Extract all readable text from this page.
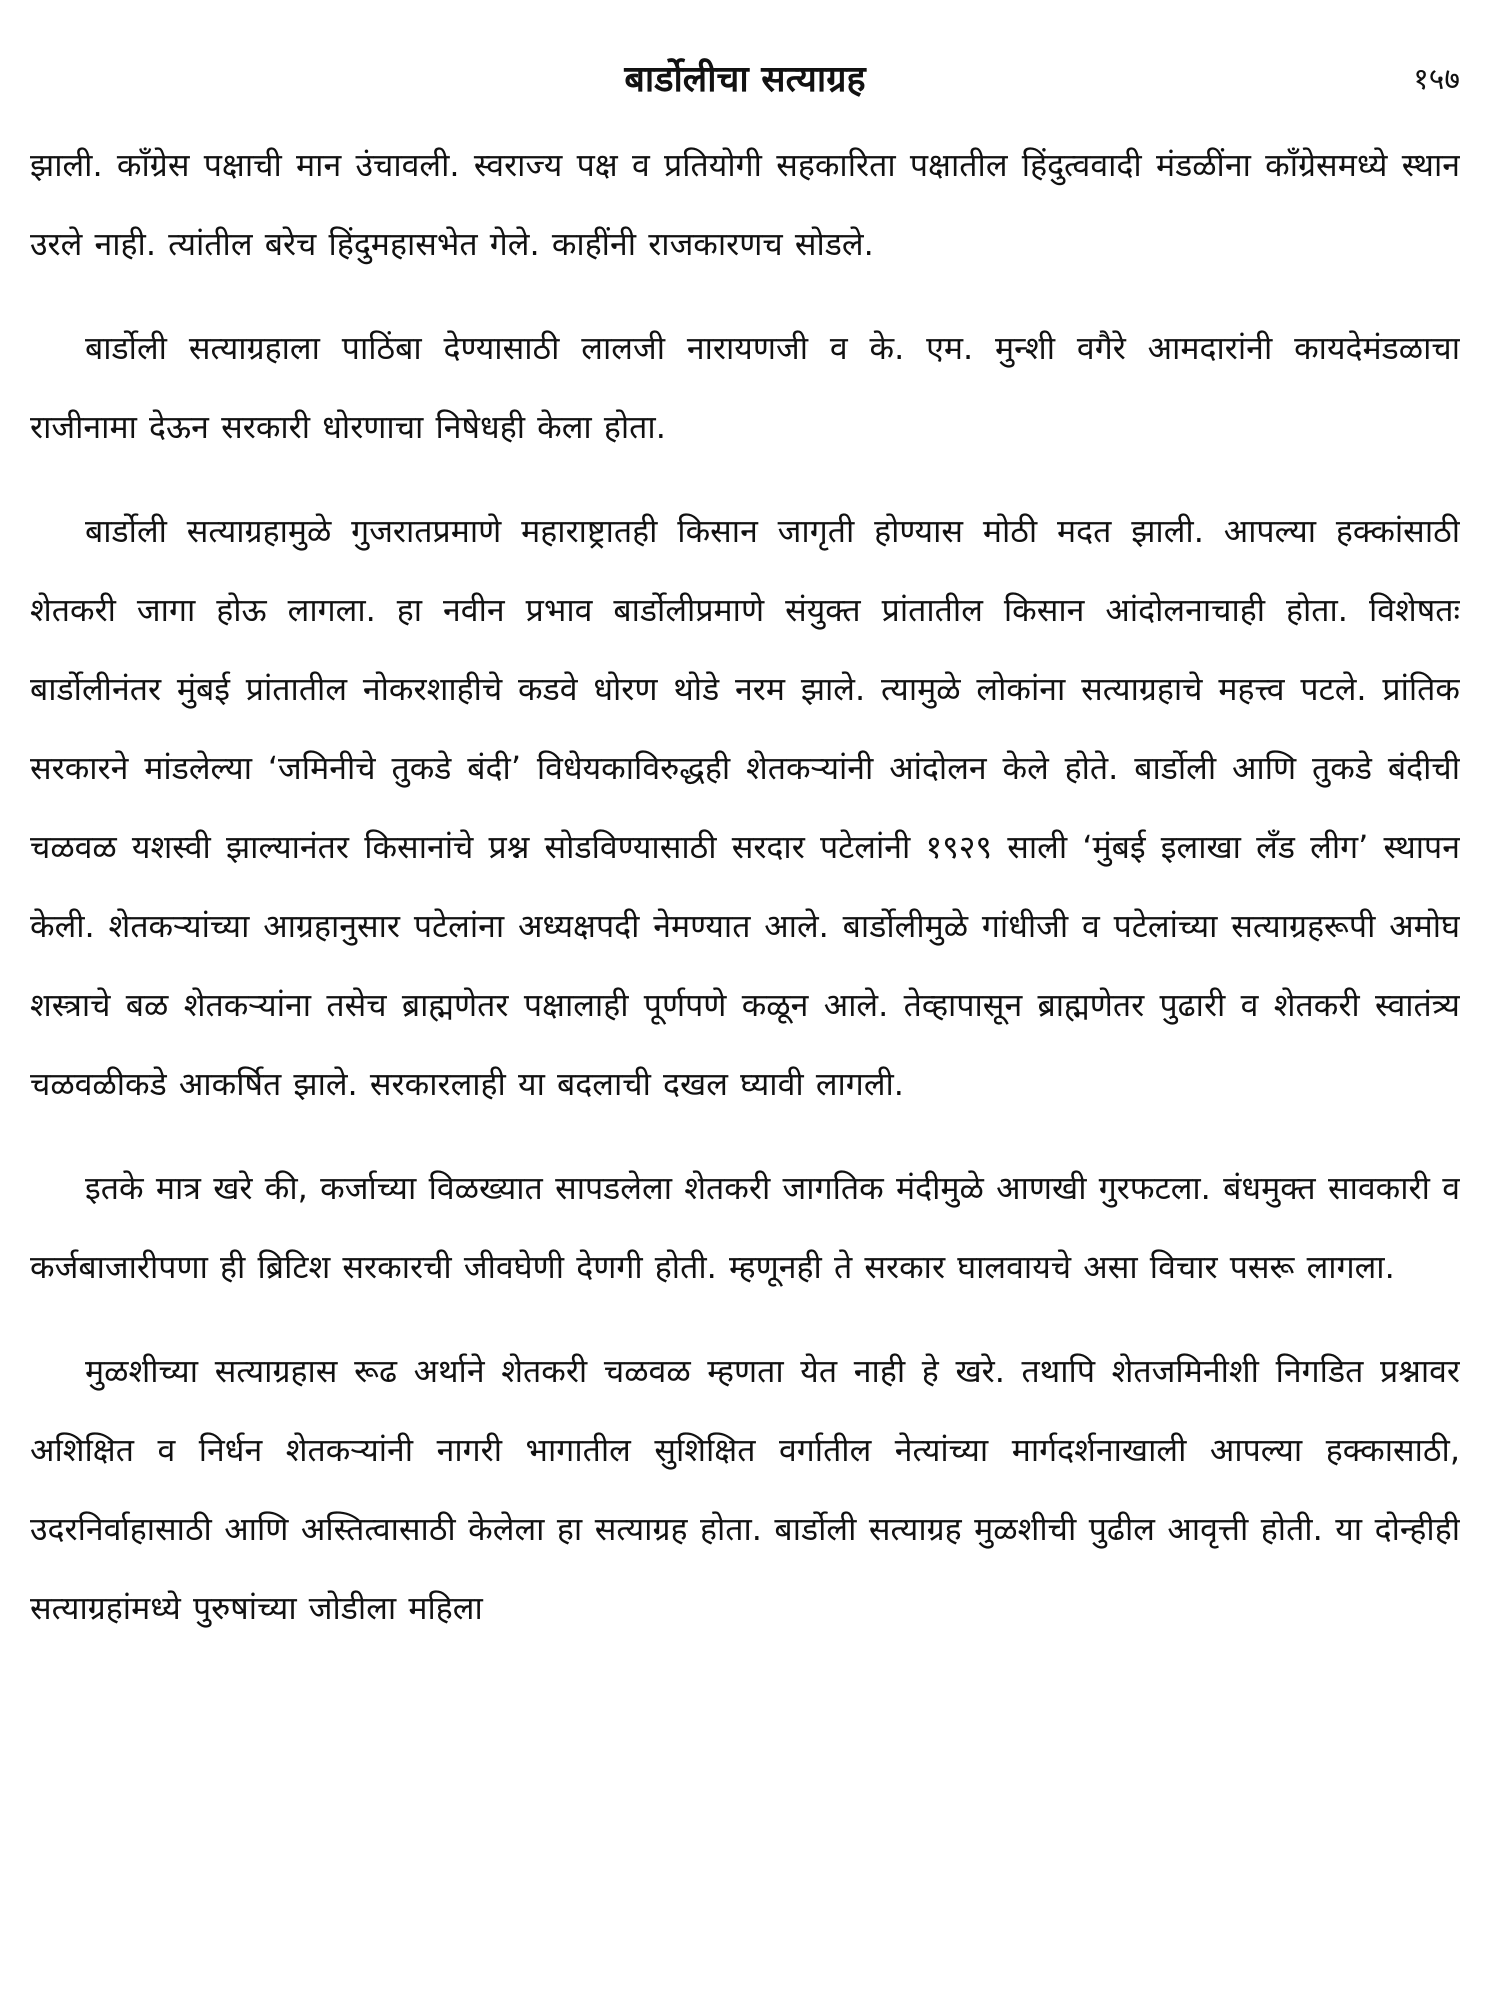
बार्डोलीचा सत्याग्रह	१५७

झाली. काँग्रेस पक्षाची मान उंचावली. स्वराज्य पक्ष व प्रतियोगी सहकारिता पक्षातील हिंदुत्ववादी मंडळींना काँग्रेसमध्ये स्थान उरले नाही. त्यांतील बरेच हिंदुमहासभेत गेले. काहींनी राजकारणच सोडले.

बार्डोली सत्याग्रहाला पाठिंबा देण्यासाठी लालजी नारायणजी व के. एम. मुन्शी वगैरे आमदारांनी कायदेमंडळाचा राजीनामा देऊन सरकारी धोरणाचा निषेधही केला होता.

बार्डोली सत्याग्रहामुळे गुजरातप्रमाणे महाराष्ट्रातही किसान जागृती होण्यास मोठी मदत झाली. आपल्या हक्कांसाठी शेतकरी जागा होऊ लागला. हा नवीन प्रभाव बार्डोलीप्रमाणे संयुक्त प्रांतातील किसान आंदोलनाचाही होता. विशेषतः बार्डोलीनंतर मुंबई प्रांतातील नोकरशाहीचे कडवे धोरण थोडे नरम झाले. त्यामुळे लोकांना सत्याग्रहाचे महत्त्व पटले. प्रांतिक सरकारने मांडलेल्या ‘जमिनीचे तुकडे बंदी’ विधेयकाविरुद्धही शेतकऱ्यांनी आंदोलन केले होते. बार्डोली आणि तुकडे बंदीची चळवळ यशस्वी झाल्यानंतर किसानांचे प्रश्न सोडविण्यासाठी सरदार पटेलांनी १९२९ साली ‘मुंबई इलाखा लँड लीग’ स्थापन केली. शेतकऱ्यांच्या आग्रहानुसार पटेलांना अध्यक्षपदी नेमण्यात आले. बार्डोलीमुळे गांधीजी व पटेलांच्या सत्याग्रहरूपी अमोघ शस्त्राचे बळ शेतकऱ्यांना तसेच ब्राह्मणेतर पक्षालाही पूर्णपणे कळून आले. तेव्हापासून ब्राह्मणेतर पुढारी व शेतकरी स्वातंत्र्य चळवळीकडे आकर्षित झाले. सरकारलाही या बदलाची दखल घ्यावी लागली.

इतके मात्र खरे की, कर्जाच्या विळख्यात सापडलेला शेतकरी जागतिक मंदीमुळे आणखी गुरफटला. बंधमुक्त सावकारी व कर्जबाजारीपणा ही ब्रिटिश सरकारची जीवघेणी देणगी होती. म्हणूनही ते सरकार घालवायचे असा विचार पसरू लागला.

मुळशीच्या सत्याग्रहास रूढ अर्थाने शेतकरी चळवळ म्हणता येत नाही हे खरे. तथापि शेतजमिनीशी निगडित प्रश्नावर अशिक्षित व निर्धन शेतकऱ्यांनी नागरी भागातील सुशिक्षित वर्गातील नेत्यांच्या मार्गदर्शनाखाली आपल्या हक्कासाठी, उदरनिर्वाहासाठी आणि अस्तित्वासाठी केलेला हा सत्याग्रह होता. बार्डोली सत्याग्रह मुळशीची पुढील आवृत्ती होती. या दोन्हीही सत्याग्रहांमध्ये पुरुषांच्या जोडीला महिला
